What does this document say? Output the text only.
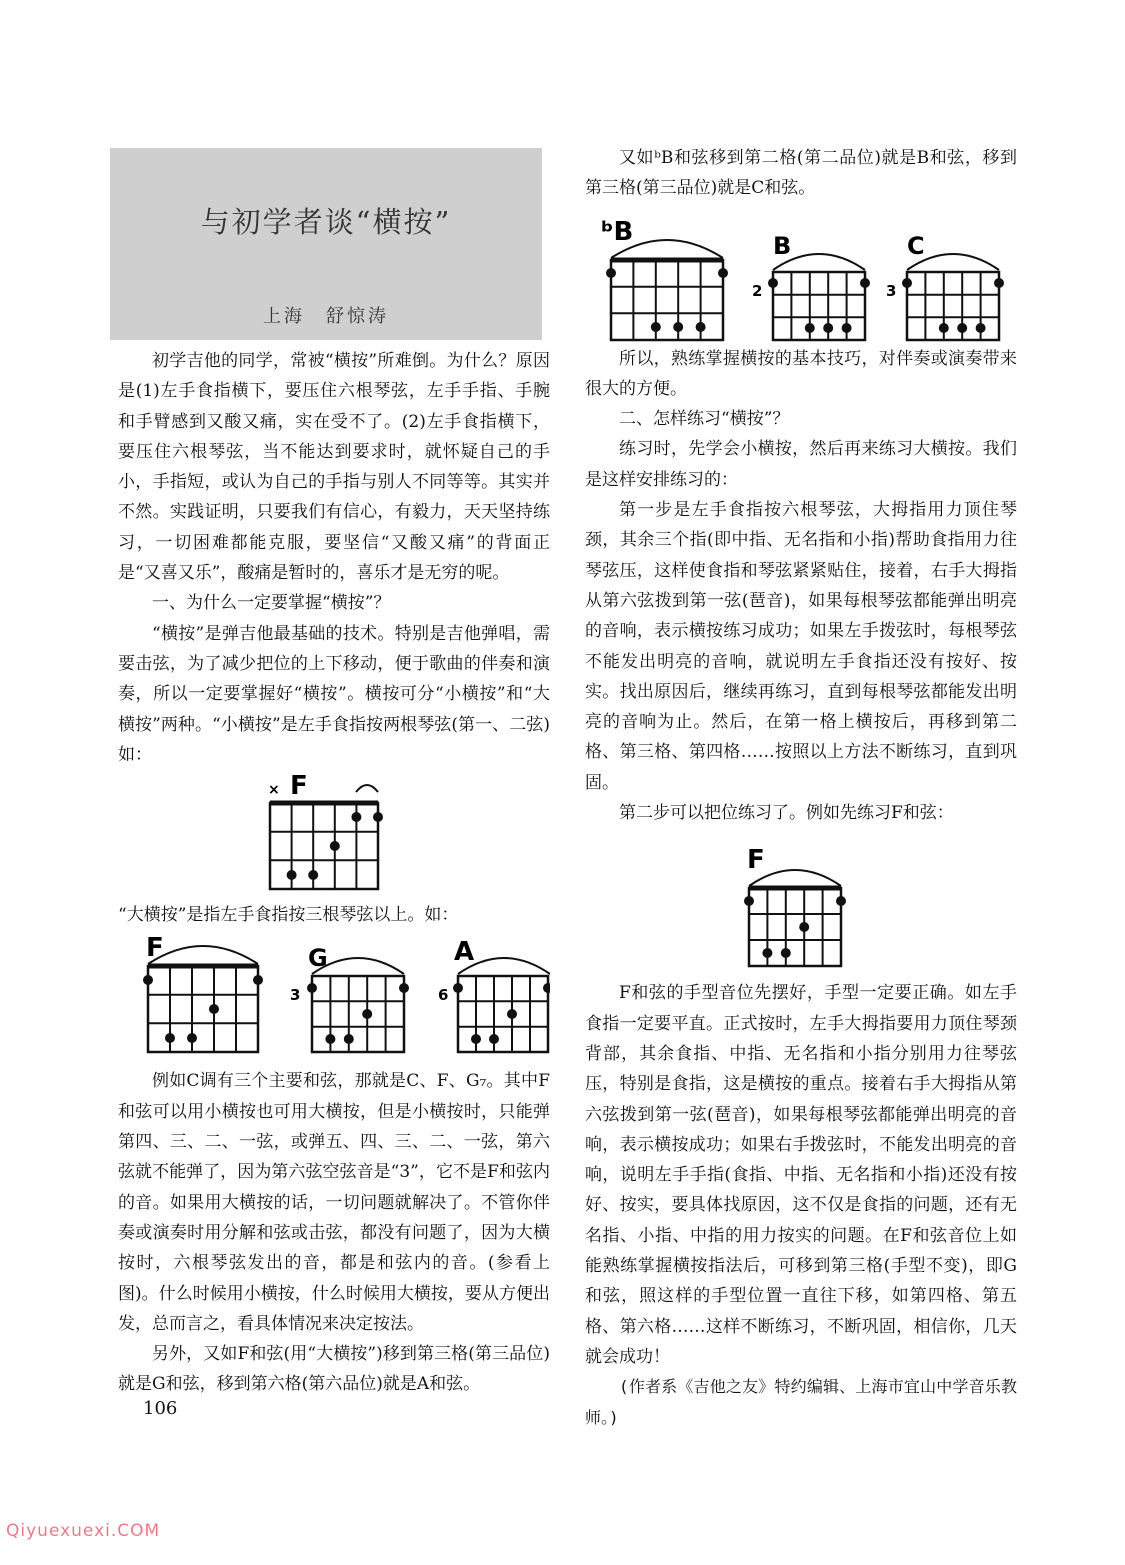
与初学者谈“横按”
上海　舒惊涛

初学吉他的同学，常被“横按”所难倒。为什么？原因是(1)左手食指横下，要压住六根琴弦，左手手指、手腕和手臂感到又酸又痛，实在受不了。(2)左手食指横下，要压住六根琴弦，当不能达到要求时，就怀疑自己的手小，手指短，或认为自己的手指与别人不同等等。其实并不然。实践证明，只要我们有信心，有毅力，天天坚持练习，一切困难都能克服，要坚信“又酸又痛”的背面正是“又喜又乐”，酸痛是暂时的，喜乐才是无穷的呢。

一、为什么一定要掌握“横按”？

“横按”是弹吉他最基础的技术。特别是吉他弹唱，需要击弦，为了减少把位的上下移动，便于歌曲的伴奏和演奏，所以一定要掌握好“横按”。横按可分“小横按”和“大横按”两种。“小横按”是左手食指按两根琴弦(第一、二弦)如：

× F

“大横按”是指左手食指按三根琴弦以上。如：

F	G
3
A
6

例如C调有三个主要和弦，那就是C、F、G₇。其中F和弦可以用小横按也可用大横按，但是小横按时，只能弹第四、三、二、一弦，或弹五、四、三、二、一弦，第六弦就不能弹了，因为第六弦空弦音是“3”，它不是F和弦内的音。如果用大横按的话，一切问题就解决了。不管你伴奏或演奏时用分解和弦或击弦，都没有问题了，因为大横按时，六根琴弦发出的音，都是和弦内的音。(参看上图)。什么时候用小横按，什么时候用大横按，要从方便出发，总而言之，看具体情况来决定按法。

另外，又如F和弦(用“大横按”)移到第三格(第三品位)就是G和弦，移到第六格(第六品位)就是A和弦。

又如ᵇB和弦移到第二格(第二品位)就是B和弦，移到第三格(第三品位)就是C和弦。

ᵇB	B
2
C
3

所以，熟练掌握横按的基本技巧，对伴奏或演奏带来很大的方便。

二、怎样练习“横按”？

练习时，先学会小横按，然后再来练习大横按。我们是这样安排练习的：

第一步是左手食指按六根琴弦，大拇指用力顶住琴颈，其余三个指(即中指、无名指和小指)帮助食指用力往琴弦压，这样使食指和琴弦紧紧贴住，接着，右手大拇指从第六弦拨到第一弦(琶音)，如果每根琴弦都能弹出明亮的音响，表示横按练习成功；如果左手拨弦时，每根琴弦不能发出明亮的音响，就说明左手食指还没有按好、按实。找出原因后，继续再练习，直到每根琴弦都能发出明亮的音响为止。然后，在第一格上横按后，再移到第二格、第三格、第四格……按照以上方法不断练习，直到巩固。

第二步可以把位练习了。例如先练习F和弦：

F

F和弦的手型音位先摆好，手型一定要正确。如左手食指一定要平直。正式按时，左手大拇指要用力顶住琴颈背部，其余食指、中指、无名指和小指分别用力往琴弦压，特别是食指，这是横按的重点。接着右手大拇指从第六弦拨到第一弦(琶音)，如果每根琴弦都能弹出明亮的音响，表示横按成功；如果右手拨弦时，不能发出明亮的音响，说明左手手指(食指、中指、无名指和小指)还没有按好、按实，要具体找原因，这不仅是食指的问题，还有无名指、小指、中指的用力按实的问题。在F和弦音位上如能熟练掌握横按指法后，可移到第三格(手型不变)，即G和弦，照这样的手型位置一直往下移，如第四格、第五格、第六格……这样不断练习，不断巩固，相信你，几天就会成功！

(作者系《吉他之友》特约编辑、上海市宜山中学音乐教师。)

106
Qiyuexuexi.COM
